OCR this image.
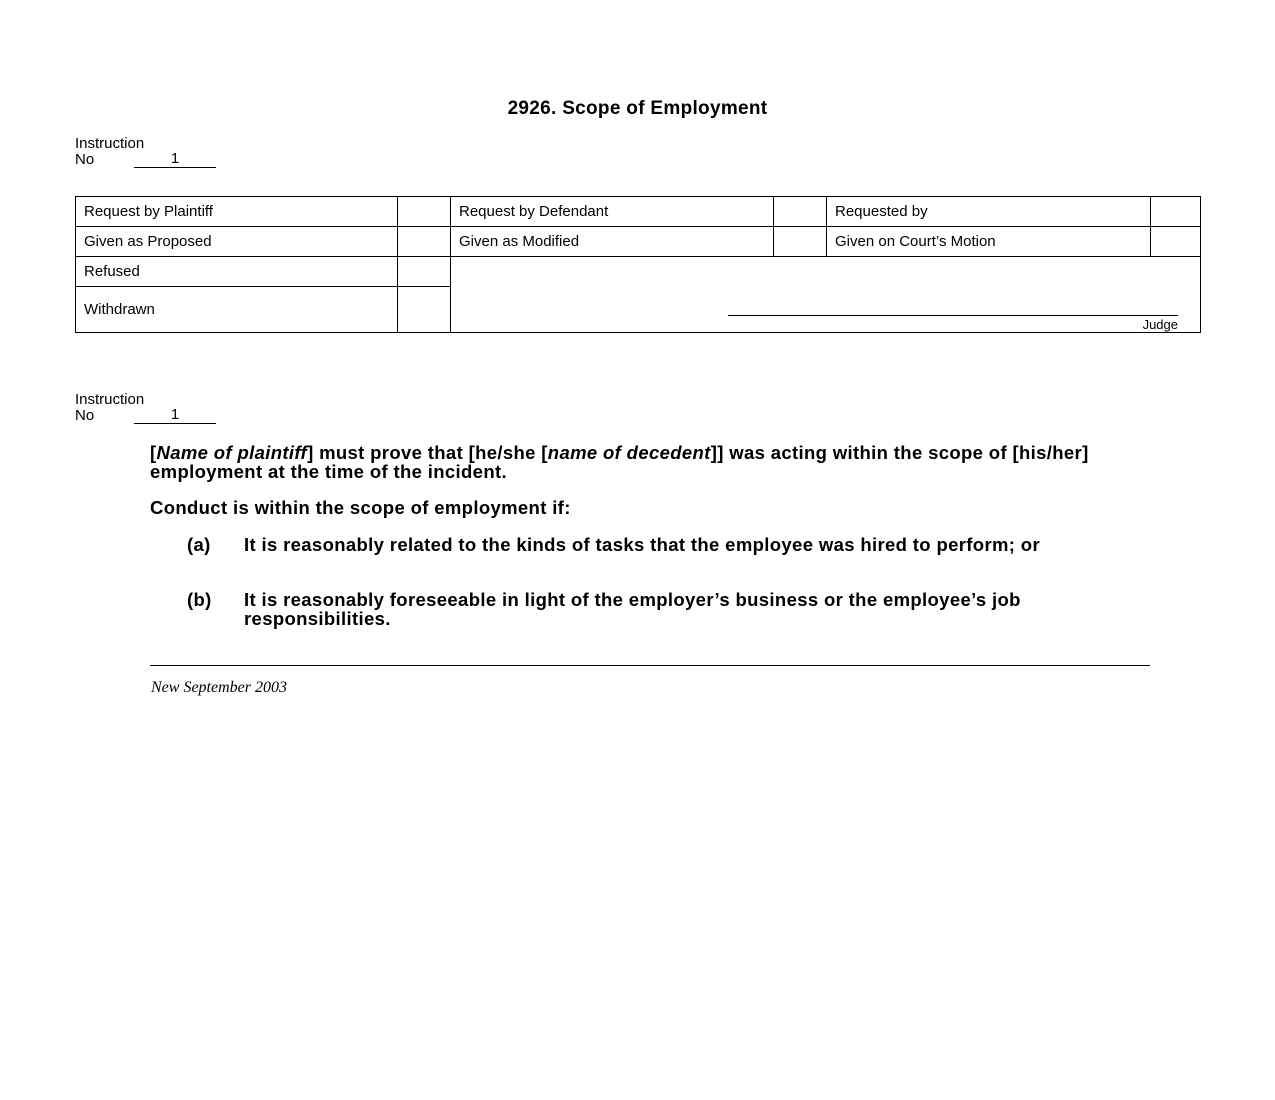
2926. Scope of Employment
Instruction
No	1
Request by Plaintiff		Request by Defendant		Requested by	
Given as Proposed		Given as Modified		Given on Court’s Motion	
Refused		Judge			

Withdrawn					
Instruction
No	1
[Name of plaintiff] must prove that [he/she [name of decedent]] was acting within the scope of [his/her] employment at the time of the incident.
Conduct is within the scope of employment if:
(a) It is reasonably related to the kinds of tasks that the employee was hired to perform; or
(b) It is reasonably foreseeable in light of the employer’s business or the employee’s job responsibilities.
New September 2003
